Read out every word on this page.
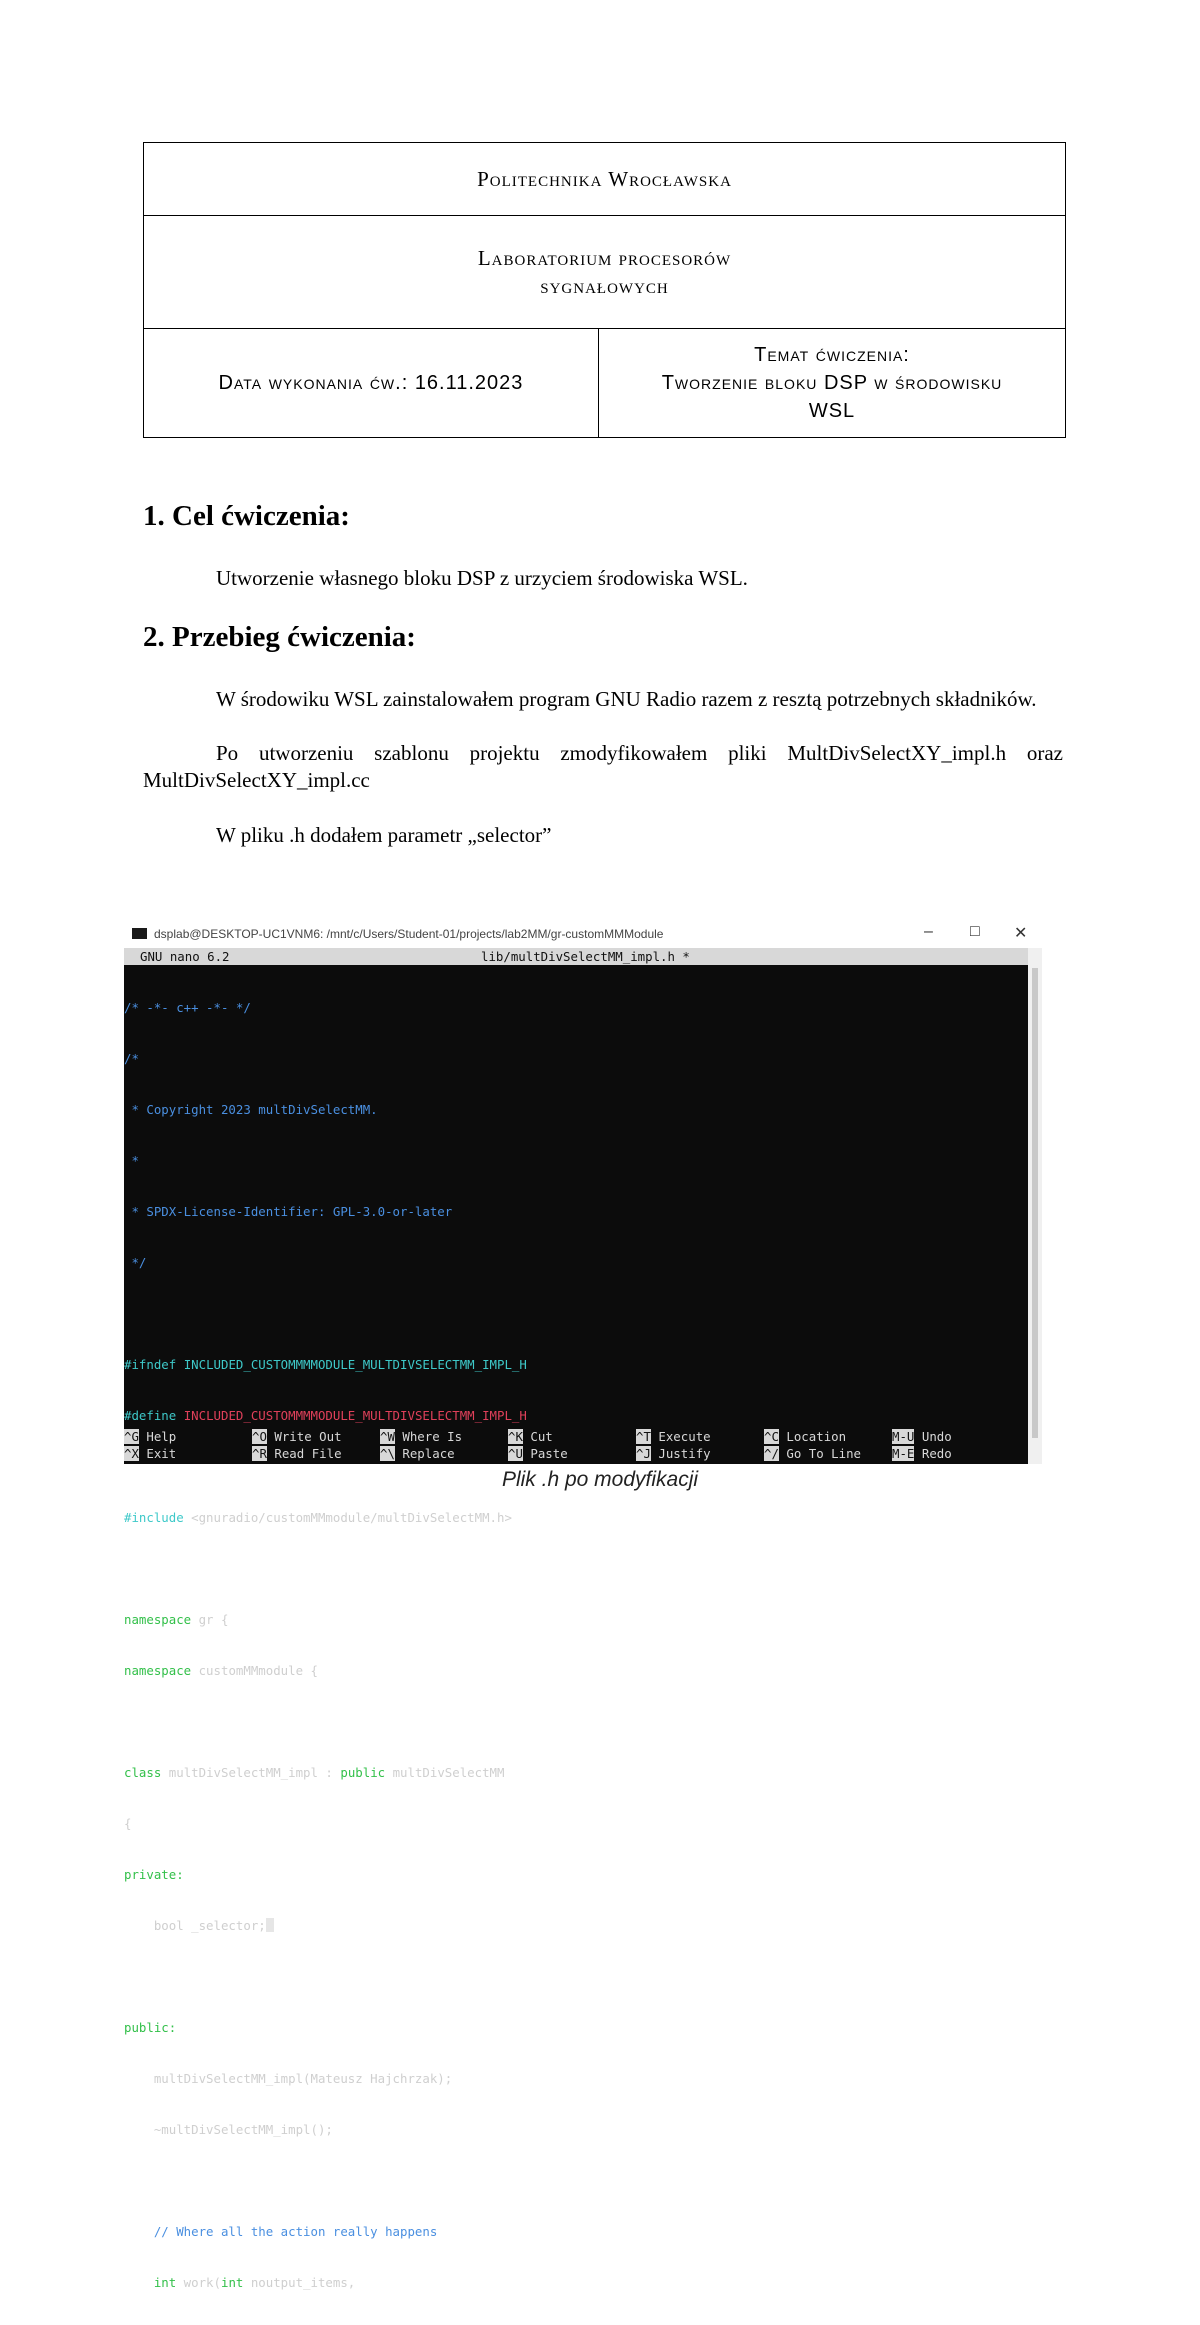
Politechnika Wrocławska

Laboratorium procesorów
sygnałowych

Data wykonania ćw.: 16.11.2023	
Temat ćwiczenia:
Tworzenie bloku DSP w środowisku
WSL
1. Cel ćwiczenia:

Utworzenie własnego bloku DSP z urzyciem środowiska WSL.

2. Przebieg ćwiczenia:

W środowiku WSL zainstalowałem program GNU Radio razem z resztą potrzebnych składników.

Po utworzeniu szablonu projektu zmodyfikowałem pliki MultDivSelectXY_impl.h oraz MultDivSelectXY_impl.cc

W pliku .h dodałem parametr „selector”

dsplab@DESKTOP-UC1VNM6: /mnt/c/Users/Student-01/projects/lab2MM/gr-customMMModule	– □ ✕

GNU nano 6.2

	lib/multDivSelectMM_impl.h *

/* -*- c++ -*- */

/*

* Copyright 2023 multDivSelectMM.

*

* SPDX-License-Identifier: GPL-3.0-or-later

*/

#ifndef INCLUDED_CUSTOMMMMODULE_MULTDIVSELECTMM_IMPL_H

#define INCLUDED_CUSTOMMMMODULE_MULTDIVSELECTMM_IMPL_H

#include <gnuradio/customMMmodule/multDivSelectMM.h>

namespace gr {

namespace customMMmodule {

class multDivSelectMM_impl : public multDivSelectMM

{

private:

bool _selector;

public:

multDivSelectMM_impl(Mateusz Hajchrzak);

~multDivSelectMM_impl();

// Where all the action really happens

int work(int noutput_items,

^G Help

	^O Write Out

	^W Where Is

	^K Cut

	^T Execute

	^C Location

	M-U Undo

^X Exit

	^R Read File

	^\ Replace

	^U Paste

	^J Justify

	^/ Go To Line

	M-E Redo

Plik .h po modyfikacji
